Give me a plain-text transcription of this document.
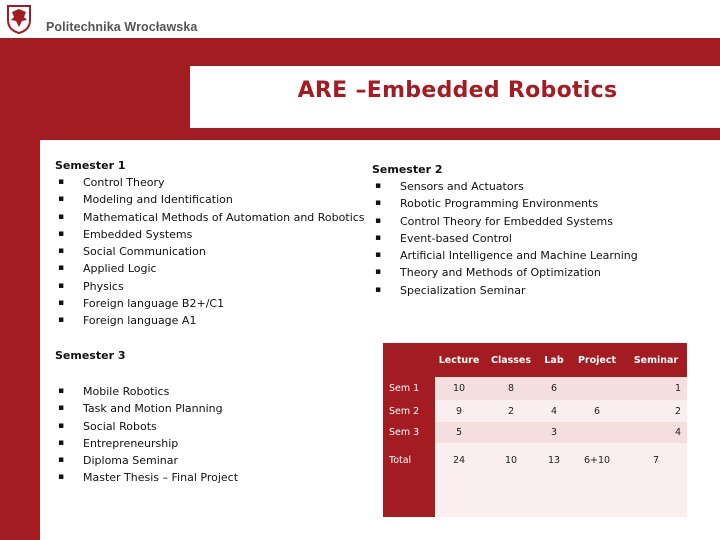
Politechnika Wrocławska
ARE –Embedded Robotics
Semester 1
▪ Control Theory
▪ Modeling and Identification
▪ Mathematical Methods of Automation and Robotics
▪ Embedded Systems
▪ Social Communication
▪ Applied Logic
▪ Physics
▪ Foreign language B2+/C1
▪ Foreign language A1
Semester 2
▪ Sensors and Actuators
▪ Robotic Programming Environments
▪ Control Theory for Embedded Systems
▪ Event-based Control
▪ Artificial Intelligence and Machine Learning
▪ Theory and Methods of Optimization
▪ Specialization Seminar
Semester 3
▪ Mobile Robotics
▪ Task and Motion Planning
▪ Social Robots
▪ Entrepreneurship
▪ Diploma Seminar
▪ Master Thesis – Final Project
	Lecture	Classes	Lab	Project	Seminar
Sem 1	10	8	6		1
Sem 2	9	2	4	6	2
Sem 3	5		3		4
Total	24	10	13	6+10	7
